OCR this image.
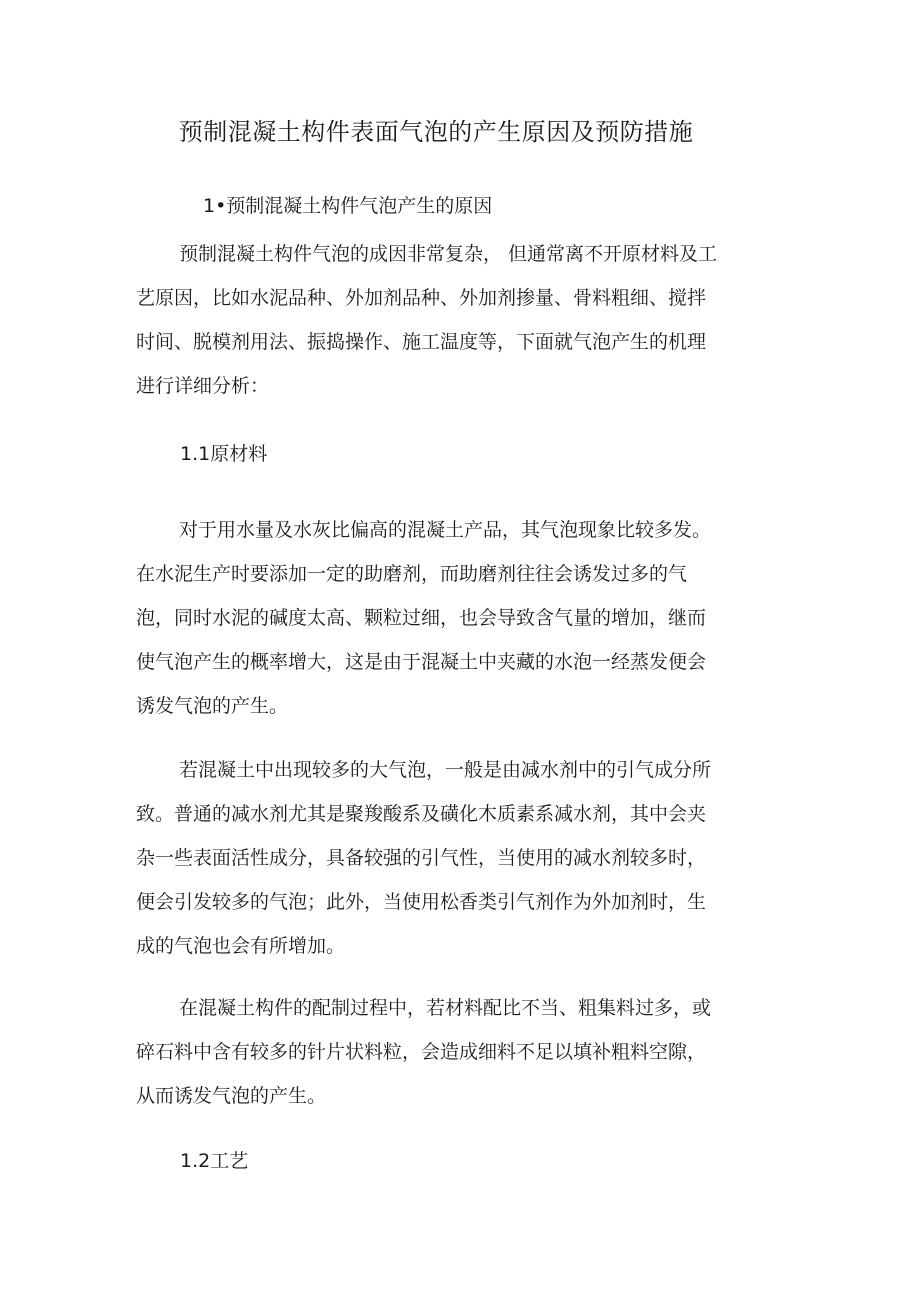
预制混凝土构件表面气泡的产生原因及预防措施
1•预制混凝土构件气泡产生的原因

预制混凝土构件气泡的成因非常复杂， 但通常离不开原材料及工
艺原因，比如水泥品种、外加剂品种、外加剂掺量、骨料粗细、搅拌
时间、脱模剂用法、振捣操作、施工温度等，下面就气泡产生的机理
进行详细分析：

1.1原材料

对于用水量及水灰比偏高的混凝土产品，其气泡现象比较多发。
在水泥生产时要添加一定的助磨剂，而助磨剂往往会诱发过多的气
泡，同时水泥的碱度太高、颗粒过细，也会导致含气量的增加，继而
使气泡产生的概率增大，这是由于混凝土中夹藏的水泡一经蒸发便会
诱发气泡的产生。

若混凝土中出现较多的大气泡，一般是由减水剂中的引气成分所
致。普通的减水剂尤其是聚羧酸系及磺化木质素系减水剂，其中会夹
杂一些表面活性成分，具备较强的引气性，当使用的减水剂较多时，
便会引发较多的气泡；此外，当使用松香类引气剂作为外加剂时，生
成的气泡也会有所增加。

在混凝土构件的配制过程中，若材料配比不当、粗集料过多，或
碎石料中含有较多的针片状料粒，会造成细料不足以填补粗料空隙，
从而诱发气泡的产生。

1.2工艺
